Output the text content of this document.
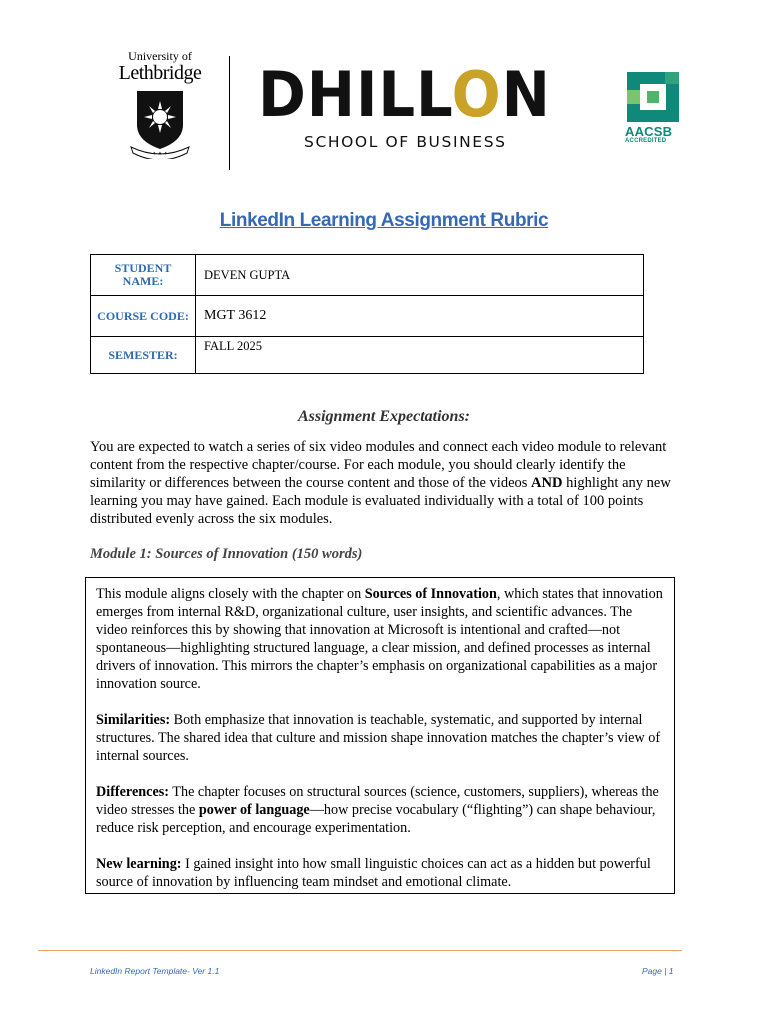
University of
Lethbridge
✦ ✦ ✦
DHILLON
SCHOOL OF BUSINESS
AACSB
ACCREDITED
LinkedIn Learning Assignment Rubric
STUDENT NAME:	DEVEN GUPTA
COURSE CODE:	MGT 3612
SEMESTER:	FALL 2025
Assignment Expectations:
You are expected to watch a series of six video modules and connect each video module to relevant content from the respective chapter/course. For each module, you should clearly identify the similarity or differences between the course content and those of the videos AND highlight any new learning you may have gained. Each module is evaluated individually with a total of 100 points distributed evenly across the six modules.
Module 1: Sources of Innovation (150 words)

This module aligns closely with the chapter on Sources of Innovation, which states that innovation emerges from internal R&D, organizational culture, user insights, and scientific advances. The video reinforces this by showing that innovation at Microsoft is intentional and crafted—not spontaneous—highlighting structured language, a clear mission, and defined processes as internal drivers of innovation. This mirrors the chapter’s emphasis on organizational capabilities as a major innovation source.

Similarities: Both emphasize that innovation is teachable, systematic, and supported by internal structures. The shared idea that culture and mission shape innovation matches the chapter’s view of internal sources.

Differences: The chapter focuses on structural sources (science, customers, suppliers), whereas the video stresses the power of language—how precise vocabulary (“flighting”) can shape behaviour, reduce risk perception, and encourage experimentation.

New learning: I gained insight into how small linguistic choices can act as a hidden but powerful source of innovation by influencing team mindset and emotional climate.

LinkedIn Report Template- Ver 1.1	Page | 1
